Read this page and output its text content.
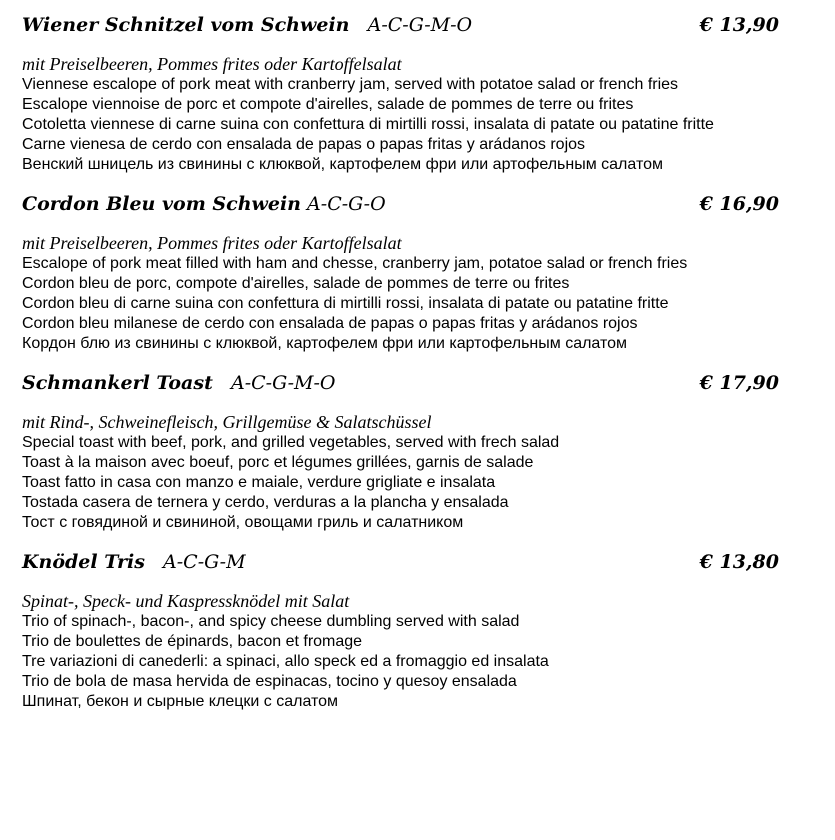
Wiener Schnitzel vom Schwein A-C-G-M-O	€ 13,90
mit Preiselbeeren, Pommes frites oder Kartoffelsalat
Viennese escalope of pork meat with cranberry jam, served with potatoe salad or french fries
Escalope viennoise de porc et compote d'airelles, salade de pommes de terre ou frites
Cotoletta viennese di carne suina con confettura di mirtilli rossi, insalata di patate ou patatine fritte
Carne vienesa de cerdo con ensalada de papas o papas fritas y arádanos rojos
Венский шницель из свинины с клюквой, картофелем фри или артофельным салатом
Cordon Bleu vom Schwein A-C-G-O	€ 16,90
mit Preiselbeeren, Pommes frites oder Kartoffelsalat
Escalope of pork meat filled with ham and chesse, cranberry jam, potatoe salad or french fries
Cordon bleu de porc, compote d'airelles, salade de pommes de terre ou frites
Cordon bleu di carne suina con confettura di mirtilli rossi, insalata di patate ou patatine fritte
Cordon bleu milanese de cerdo con ensalada de papas o papas fritas y arádanos rojos
Кордон блю из свинины с клюквой, картофелем фри или картофельным салатом
Schmankerl Toast A-C-G-M-O	€ 17,90
mit Rind-, Schweinefleisch, Grillgemüse & Salatschüssel
Special toast with beef, pork, and grilled vegetables, served with frech salad
Toast à la maison avec boeuf, porc et légumes grillées, garnis de salade
Toast fatto in casa con manzo e maiale, verdure grigliate e insalata
Tostada casera de ternera y cerdo, verduras a la plancha y ensalada
Тост с говядиной и свининой, овощами гриль и салатником
Knödel Tris A-C-G-M	€ 13,80
Spinat-, Speck- und Kaspressknödel mit Salat
Trio of spinach-, bacon-, and spicy cheese dumbling served with salad
Trio de boulettes de épinards, bacon et fromage
Tre variazioni di canederli: a spinaci, allo speck ed a fromaggio ed insalata
Trio de bola de masa hervida de espinacas, tocino y quesoy ensalada
Шпинат, бекон и сырные клецки с салатом
